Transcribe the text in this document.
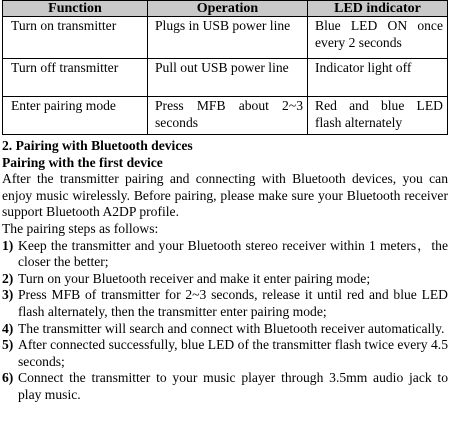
Function	Operation	LED indicator
Turn on transmitter	Plugs in USB power line	Blue LED ON once every 2 seconds
Turn off transmitter	Pull out USB power line	Indicator light off
Enter pairing mode	Press MFB about 2~3 seconds	Red and blue LED flash alternately

2. Pairing with Bluetooth devices

Pairing with the first device

After the transmitter pairing and connecting with Bluetooth devices, you can enjoy music wirelessly. Before pairing, please make sure your Bluetooth receiver support Bluetooth A2DP profile.

The pairing steps as follows:

1) Keep the transmitter and your Bluetooth stereo receiver within 1 meters，the closer the better;
2) Turn on your Bluetooth receiver and make it enter pairing mode;
3) Press MFB of transmitter for 2~3 seconds, release it until red and blue LED flash alternately, then the transmitter enter pairing mode;
4) The transmitter will search and connect with Bluetooth receiver automatically.
5) After connected successfully, blue LED of the transmitter flash twice every 4.5 seconds;
6) Connect the transmitter to your music player through 3.5mm audio jack to play music.
